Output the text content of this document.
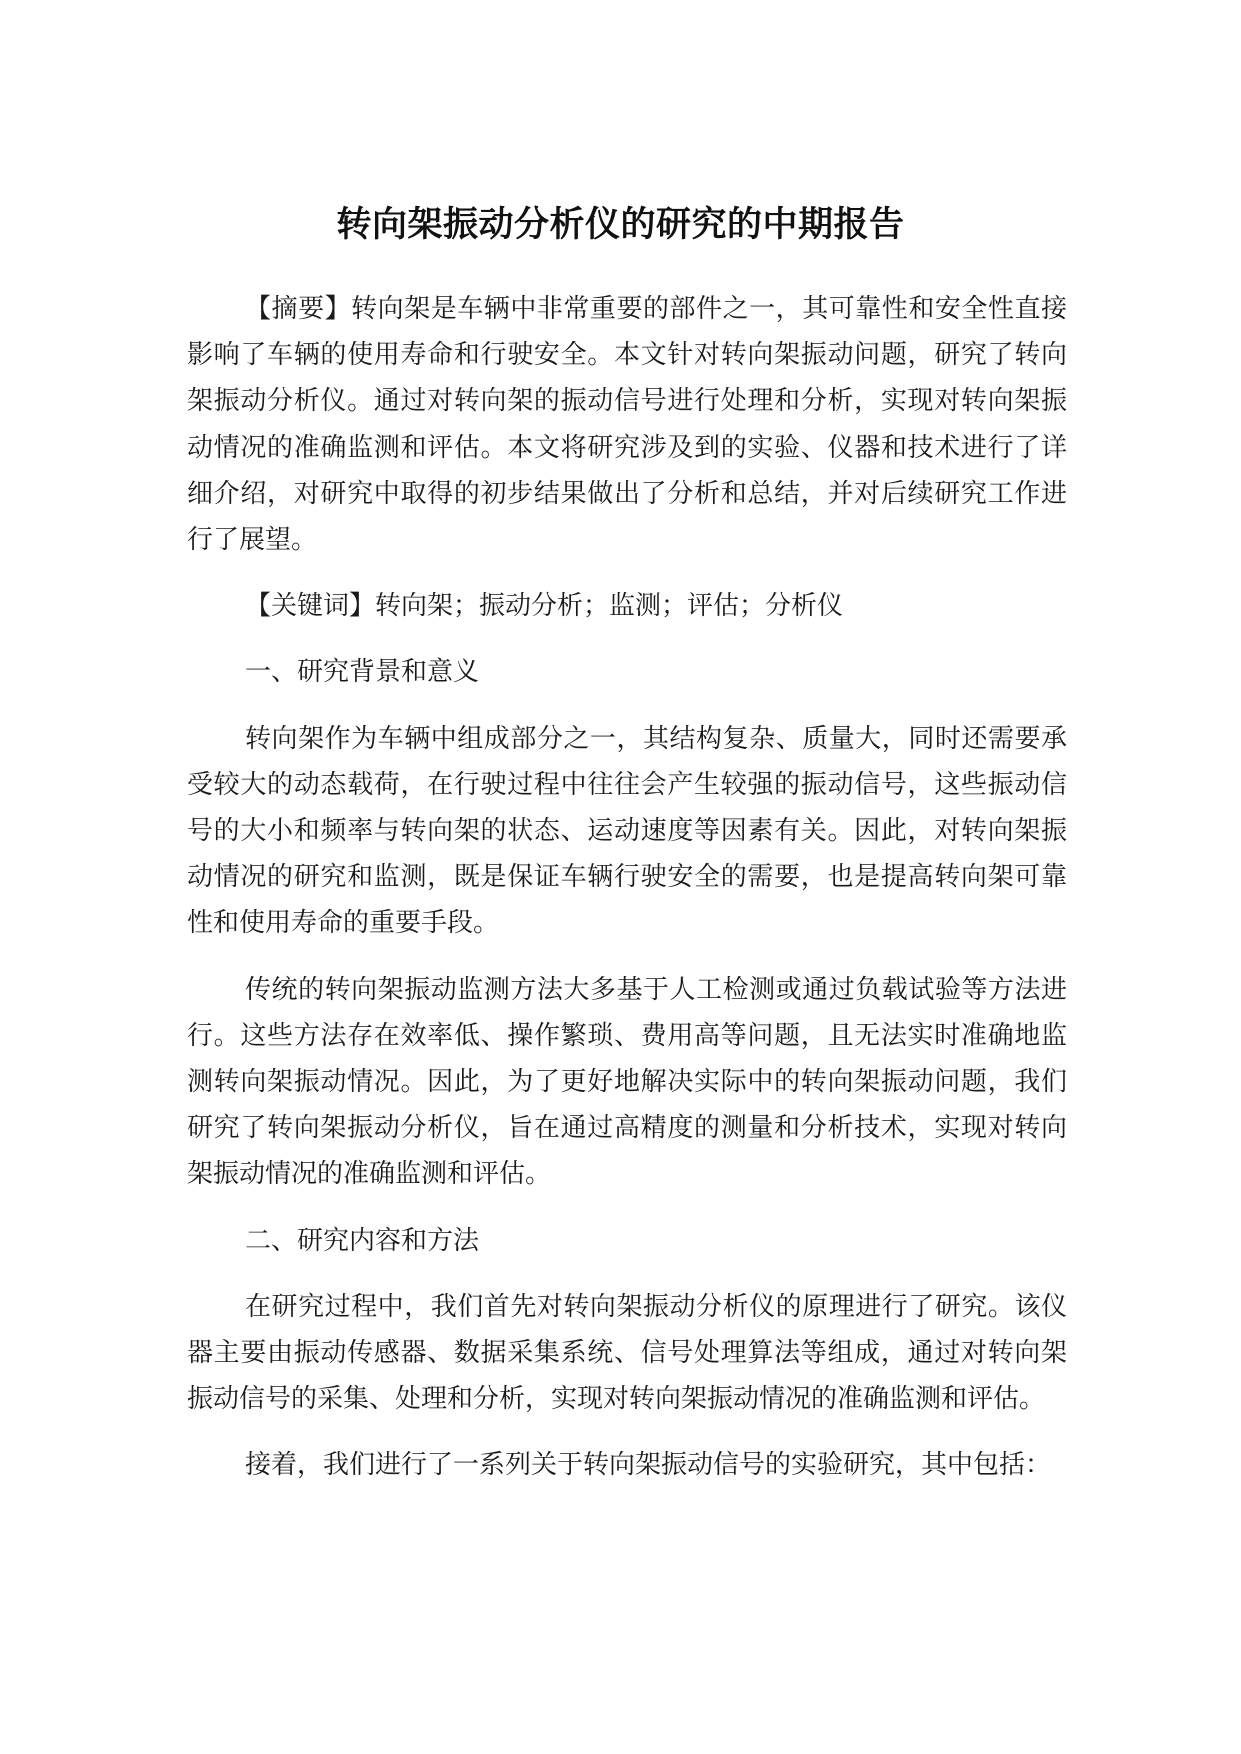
转向架振动分析仪的研究的中期报告

【摘要】转向架是车辆中非常重要的部件之一，其可靠性和安全性直接影响了车辆的使用寿命和行驶安全。本文针对转向架振动问题，研究了转向架振动分析仪。通过对转向架的振动信号进行处理和分析，实现对转向架振动情况的准确监测和评估。本文将研究涉及到的实验、仪器和技术进行了详细介绍，对研究中取得的初步结果做出了分析和总结，并对后续研究工作进行了展望。

【关键词】转向架；振动分析；监测；评估；分析仪

一、研究背景和意义

转向架作为车辆中组成部分之一，其结构复杂、质量大，同时还需要承受较大的动态载荷，在行驶过程中往往会产生较强的振动信号，这些振动信号的大小和频率与转向架的状态、运动速度等因素有关。因此，对转向架振动情况的研究和监测，既是保证车辆行驶安全的需要，也是提高转向架可靠性和使用寿命的重要手段。

传统的转向架振动监测方法大多基于人工检测或通过负载试验等方法进行。这些方法存在效率低、操作繁琐、费用高等问题，且无法实时准确地监测转向架振动情况。因此，为了更好地解决实际中的转向架振动问题，我们研究了转向架振动分析仪，旨在通过高精度的测量和分析技术，实现对转向架振动情况的准确监测和评估。

二、研究内容和方法

在研究过程中，我们首先对转向架振动分析仪的原理进行了研究。该仪器主要由振动传感器、数据采集系统、信号处理算法等组成，通过对转向架振动信号的采集、处理和分析，实现对转向架振动情况的准确监测和评估。

接着，我们进行了一系列关于转向架振动信号的实验研究，其中包括：
